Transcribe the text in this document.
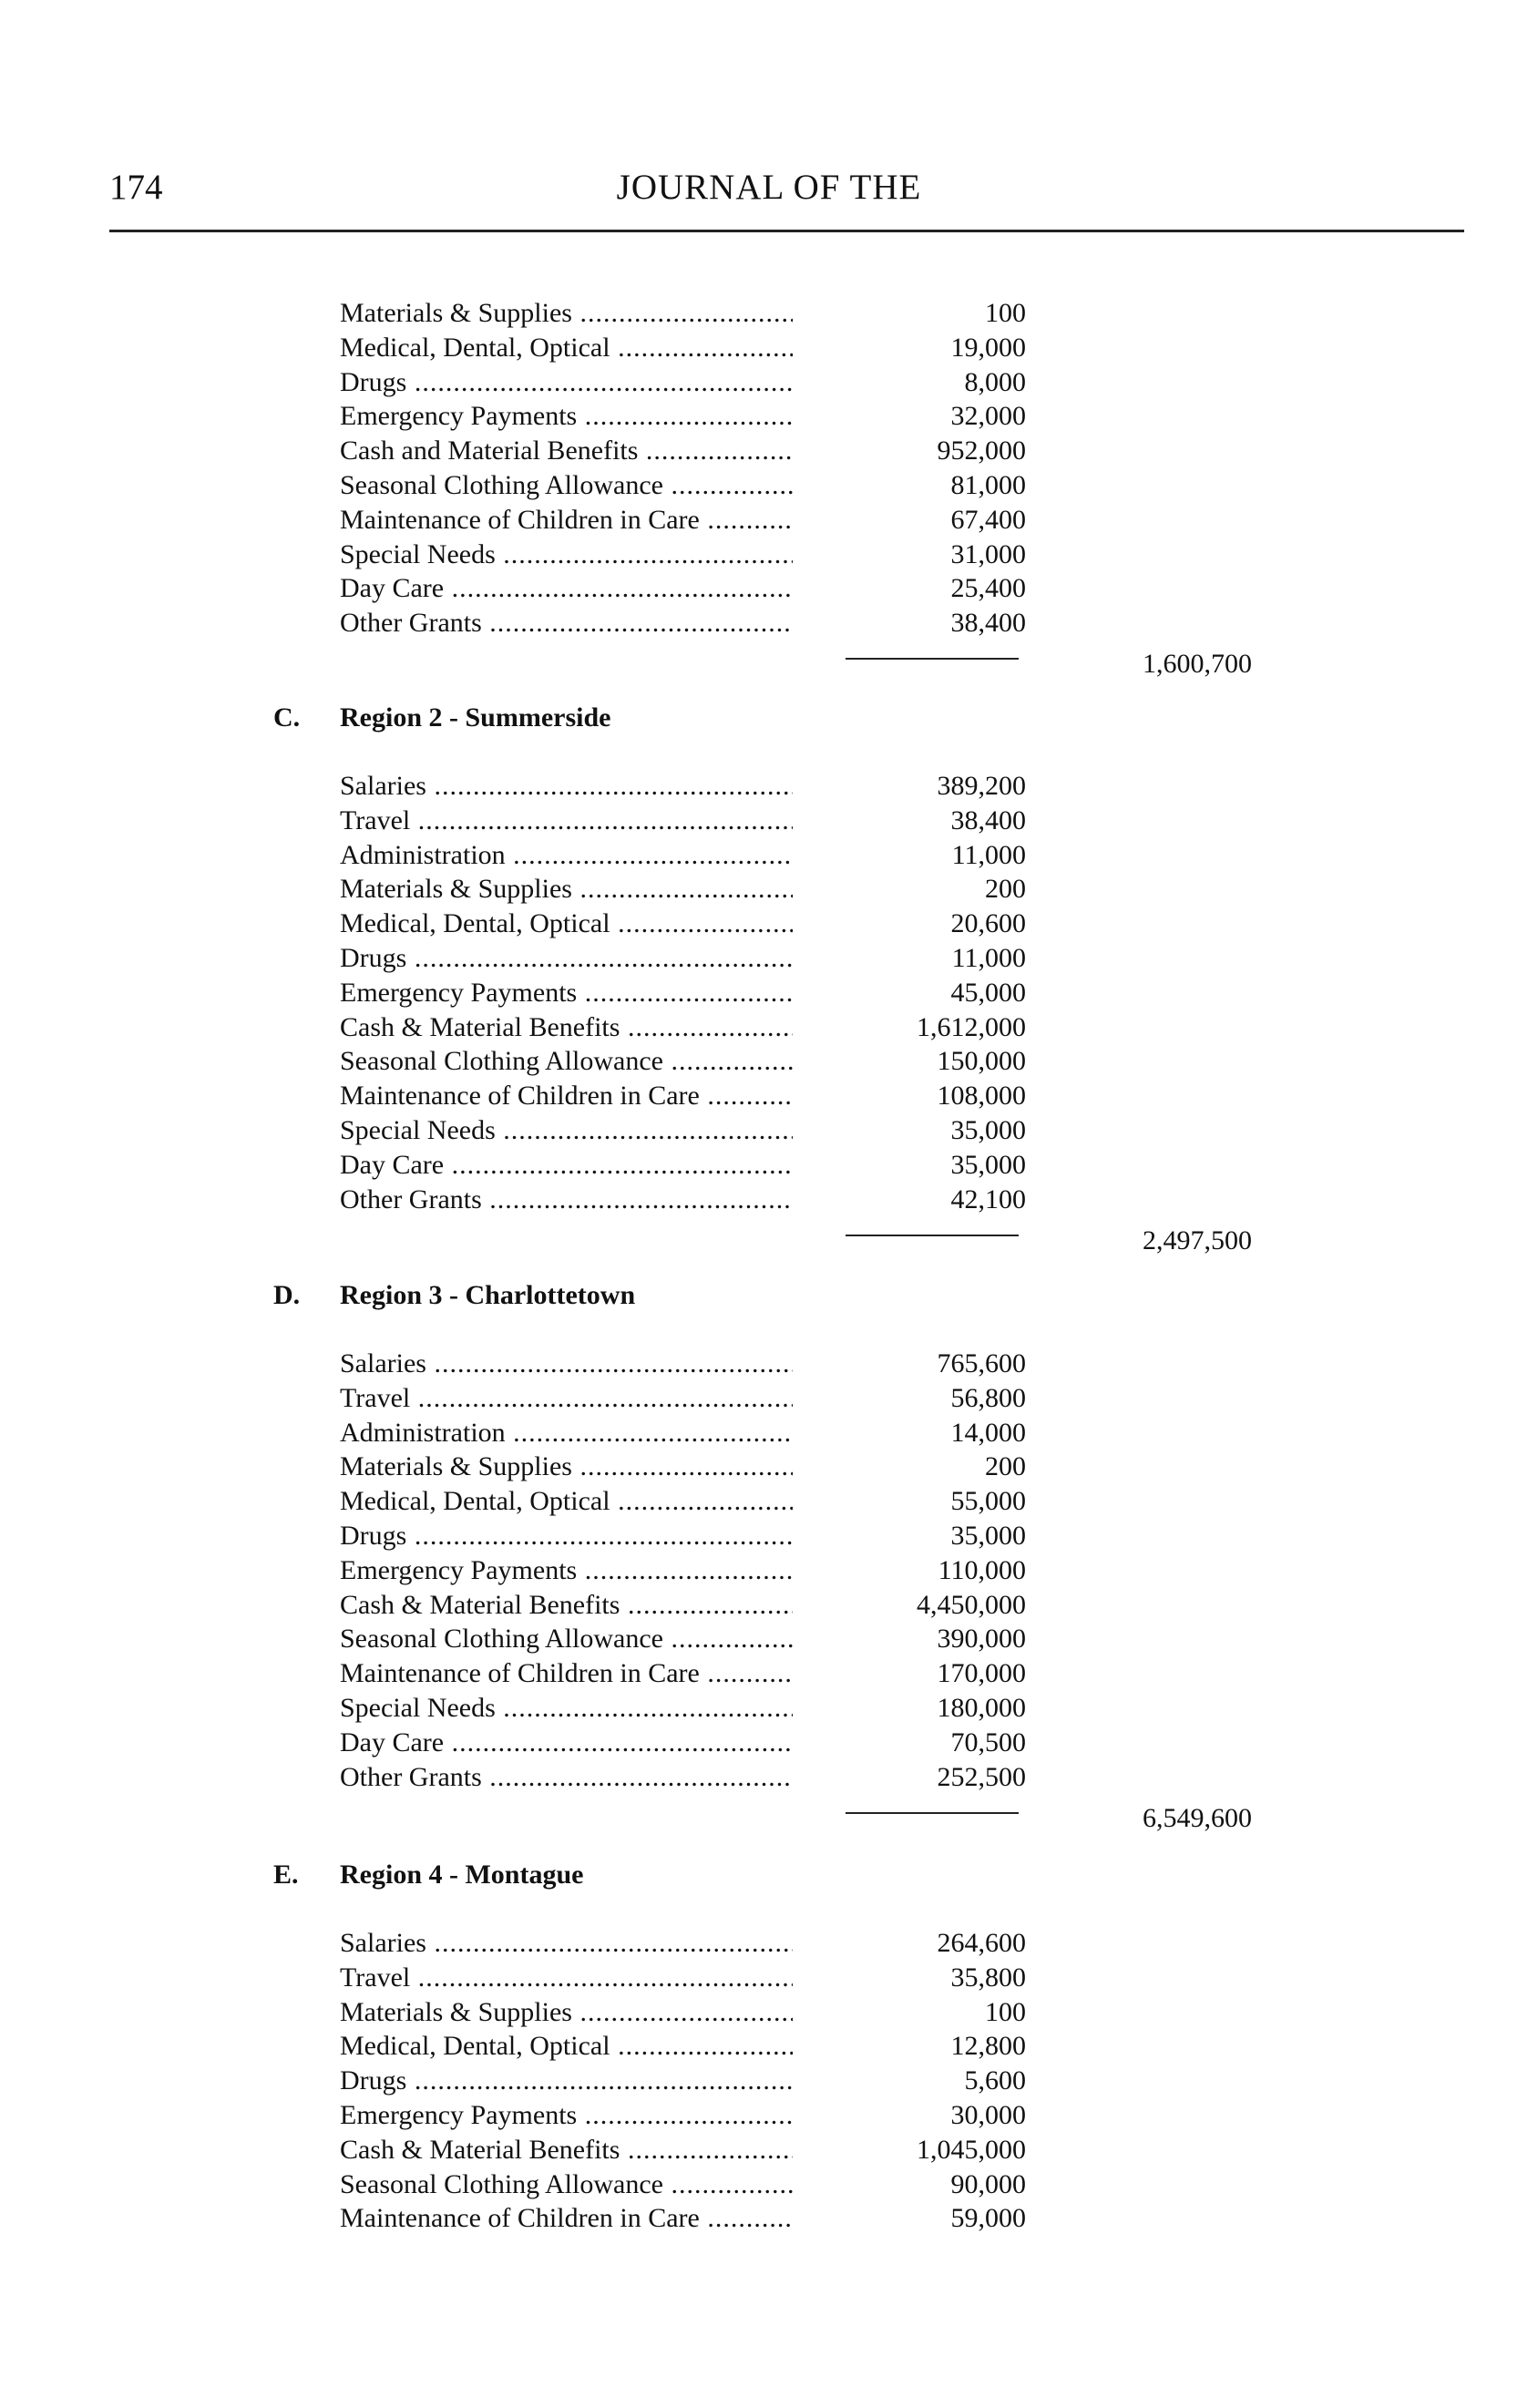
174	JOURNAL OF THE
Materials & Supplies .....	100
Medical, Dental, Optical .....	19,000
Drugs .....	8,000
Emergency Payments .....	32,000
Cash and Material Benefits .....	952,000
Seasonal Clothing Allowance .....	81,000
Maintenance of Children in Care .....	67,400
Special Needs .....	31,000
Day Care .....	25,400
Other Grants .....	38,400
1,600,700
C. Region 2 - Summerside
Salaries .....	389,200
Travel .....	38,400
Administration .....	11,000
Materials & Supplies .....	200
Medical, Dental, Optical .....	20,600
Drugs .....	11,000
Emergency Payments .....	45,000
Cash & Material Benefits .....	1,612,000
Seasonal Clothing Allowance .....	150,000
Maintenance of Children in Care .....	108,000
Special Needs .....	35,000
Day Care .....	35,000
Other Grants .....	42,100
2,497,500
D. Region 3 - Charlottetown
Salaries .....	765,600
Travel .....	56,800
Administration .....	14,000
Materials & Supplies .....	200
Medical, Dental, Optical .....	55,000
Drugs .....	35,000
Emergency Payments .....	110,000
Cash & Material Benefits .....	4,450,000
Seasonal Clothing Allowance .....	390,000
Maintenance of Children in Care .....	170,000
Special Needs .....	180,000
Day Care .....	70,500
Other Grants .....	252,500
6,549,600
E. Region 4 - Montague
Salaries .....	264,600
Travel .....	35,800
Materials & Supplies .....	100
Medical, Dental, Optical .....	12,800
Drugs .....	5,600
Emergency Payments .....	30,000
Cash & Material Benefits .....	1,045,000
Seasonal Clothing Allowance .....	90,000
Maintenance of Children in Care .....	59,000
